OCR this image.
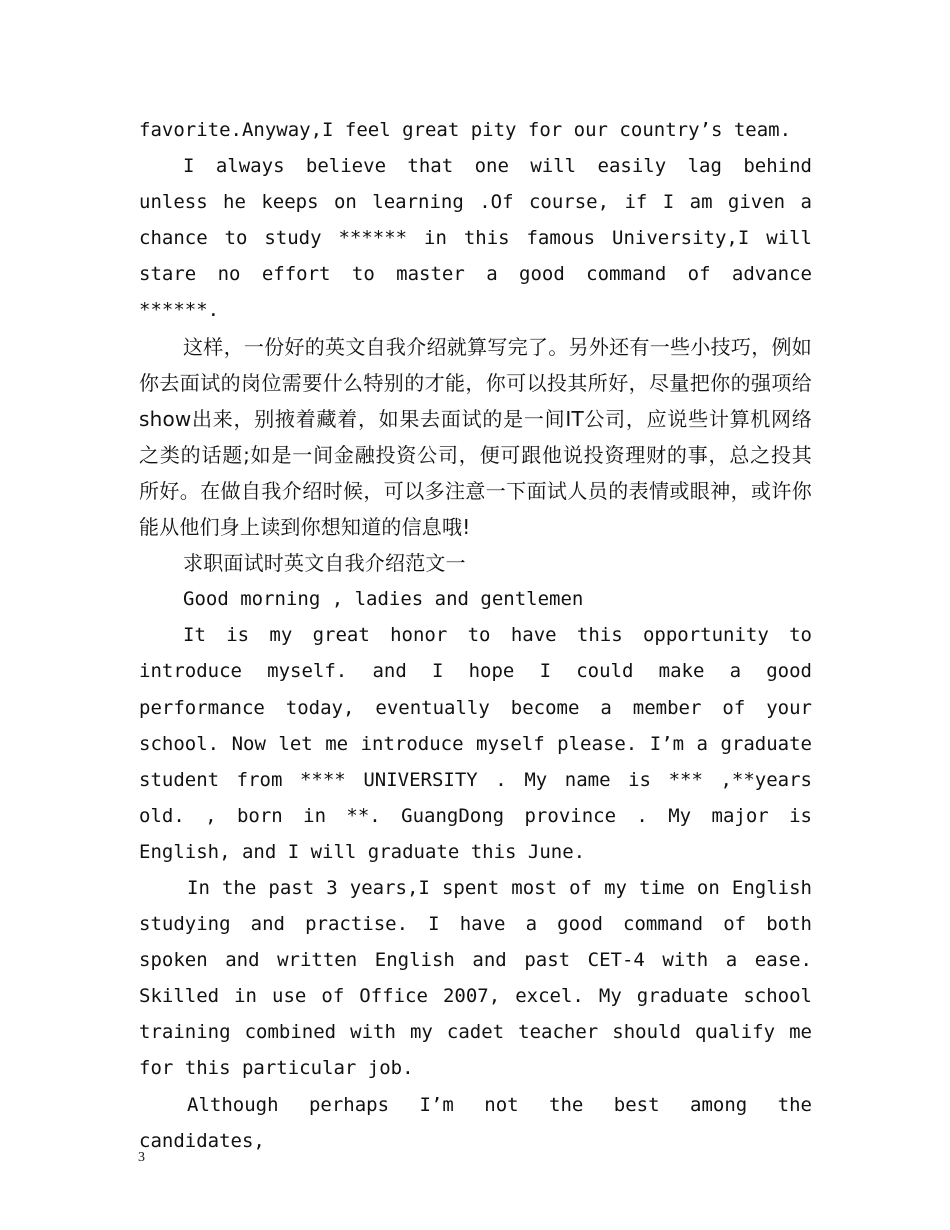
favorite.Anyway,I feel great pity for our country’s team.

I always believe that one will easily lag behind unless he keeps on learning .Of course, if I am given a chance to study ****** in this famous University,I will stare no effort to master a good command of advance ******.

这样，一份好的英文自我介绍就算写完了。另外还有一些小技巧，例如你去面试的岗位需要什么特别的才能，你可以投其所好，尽量把你的强项给show出来，别掖着藏着，如果去面试的是一间IT公司，应说些计算机网络之类的话题;如是一间金融投资公司，便可跟他说投资理财的事，总之投其所好。在做自我介绍时候，可以多注意一下面试人员的表情或眼神，或许你能从他们身上读到你想知道的信息哦!

求职面试时英文自我介绍范文一

Good morning , ladies and gentlemen

It is my great honor to have this opportunity to introduce myself. and I hope I could make a good performance today, eventually become a member of your school. Now let me introduce myself please. I’m a graduate student from **** UNIVERSITY . My name is *** ,**years old. , born in **. GuangDong province . My major is English, and I will graduate this June.

In the past 3 years,I spent most of my time on English studying and practise. I have a good command of both spoken and written English and past CET-4 with a ease. Skilled in use of Office 2007, excel. My graduate school training combined with my cadet teacher should qualify me for this particular job.

Although perhaps I’m not the best among the candidates,

3
